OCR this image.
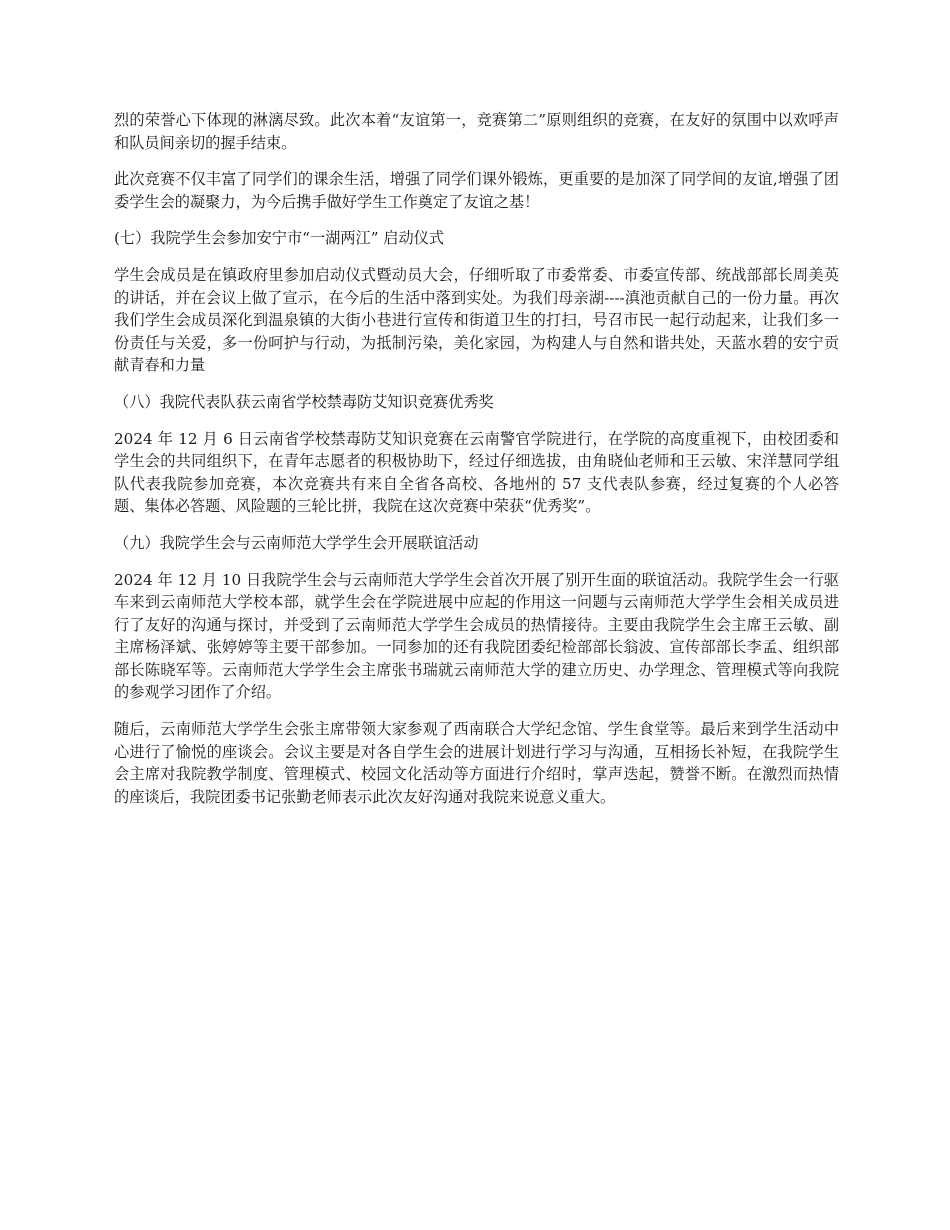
烈的荣誉心下体现的淋漓尽致。此次本着“友谊第一，竞赛第二”原则组织的竞赛，在友好的氛围中以欢呼声和队员间亲切的握手结束。

此次竞赛不仅丰富了同学们的课余生活，增强了同学们课外锻炼，更重要的是加深了同学间的友谊,增强了团委学生会的凝聚力，为今后携手做好学生工作奠定了友谊之基！

(七）我院学生会参加安宁市“一湖两江” 启动仪式

学生会成员是在镇政府里参加启动仪式暨动员大会，仔细听取了市委常委、市委宣传部、统战部部长周美英的讲话，并在会议上做了宣示，在今后的生活中落到实处。为我们母亲湖----滇池贡献自己的一份力量。再次我们学生会成员深化到温泉镇的大街小巷进行宣传和街道卫生的打扫，号召市民一起行动起来，让我们多一份责任与关爱，多一份呵护与行动，为抵制污染，美化家园，为构建人与自然和谐共处，天蓝水碧的安宁贡献青春和力量

（八）我院代表队获云南省学校禁毒防艾知识竞赛优秀奖

2024 年 12 月 6 日云南省学校禁毒防艾知识竞赛在云南警官学院进行，在学院的高度重视下，由校团委和学生会的共同组织下，在青年志愿者的积极协助下，经过仔细选拔，由角晓仙老师和王云敏、宋洋慧同学组队代表我院参加竞赛，本次竞赛共有来自全省各高校、各地州的 57 支代表队参赛，经过复赛的个人必答题、集体必答题、风险题的三轮比拼，我院在这次竞赛中荣获“优秀奖”。

（九）我院学生会与云南师范大学学生会开展联谊活动

2024 年 12 月 10 日我院学生会与云南师范大学学生会首次开展了别开生面的联谊活动。我院学生会一行驱车来到云南师范大学校本部，就学生会在学院进展中应起的作用这一问题与云南师范大学学生会相关成员进行了友好的沟通与探讨，并受到了云南师范大学学生会成员的热情接待。主要由我院学生会主席王云敏、副主席杨泽斌、张婷婷等主要干部参加。一同参加的还有我院团委纪检部部长翁波、宣传部部长李孟、组织部部长陈晓军等。云南师范大学学生会主席张书瑞就云南师范大学的建立历史、办学理念、管理模式等向我院的参观学习团作了介绍。

随后，云南师范大学学生会张主席带领大家参观了西南联合大学纪念馆、学生食堂等。最后来到学生活动中心进行了愉悦的座谈会。会议主要是对各自学生会的进展计划进行学习与沟通，互相扬长补短，在我院学生会主席对我院教学制度、管理模式、校园文化活动等方面进行介绍时，掌声迭起，赞誉不断。在激烈而热情的座谈后，我院团委书记张勤老师表示此次友好沟通对我院来说意义重大。
